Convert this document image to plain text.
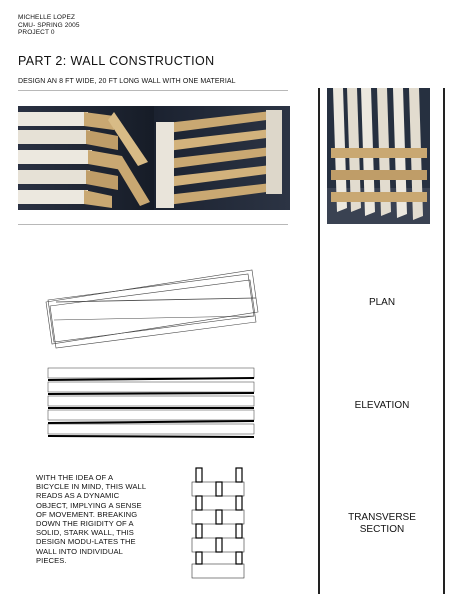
MICHELLE LOPEZ
CMU- SPRING 2005
PROJECT 0
PART 2: WALL CONSTRUCTION
DESIGN AN 8 FT WIDE, 20 FT LONG WALL WITH ONE MATERIAL
WITH THE IDEA OF A BICYCLE IN MIND, THIS WALL READS AS A DYNAMIC OBJECT, IMPLYING A SENSE OF MOVEMENT. BREAKING DOWN THE RIGIDITY OF A SOLID, STARK WALL, THIS DESIGN MODU-LATES THE WALL INTO INDIVIDUAL PIECES.
PLAN
ELEVATION
TRANSVERSE
SECTION
